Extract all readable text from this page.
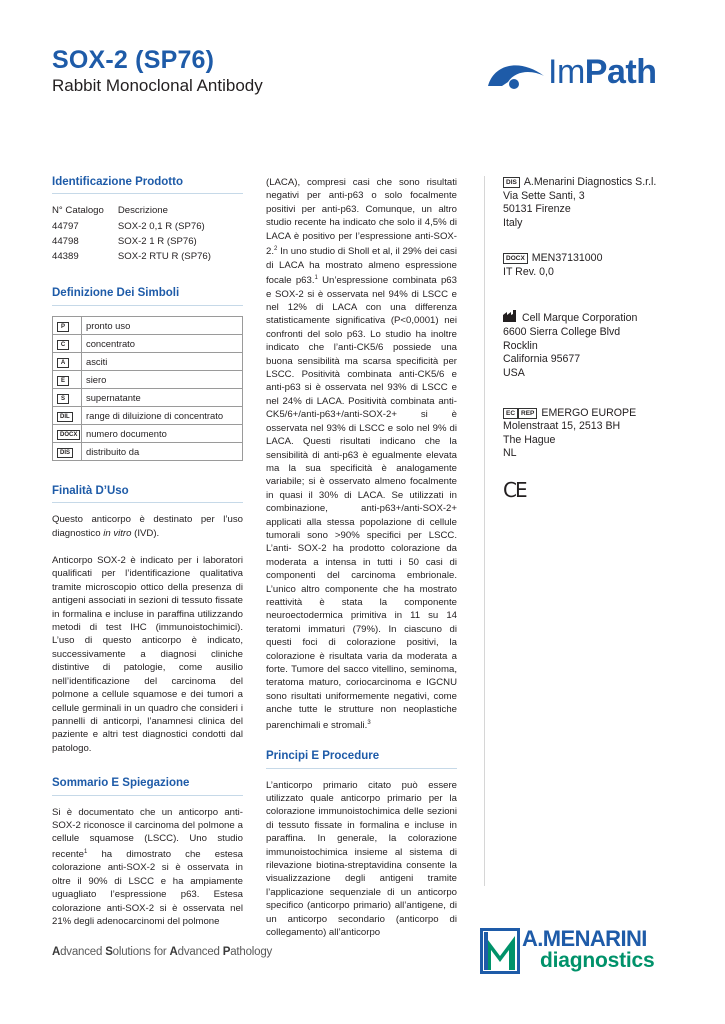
SOX-2 (SP76)
Rabbit Monoclonal Antibody	ImPath
Identificazione Prodotto
N° Catalogo	Descrizione
44797	SOX-2 0,1 R (SP76)
44798	SOX-2 1 R (SP76)
44389	SOX-2 RTU R (SP76)
Definizione Dei Simboli
P	pronto uso
C	concentrato
A	asciti
E	siero
S	supernatante
DIL	range di diluizione di concentrato
DOCX	numero documento
DIS	distribuito da
Finalità D’Uso

Questo anticorpo è destinato per l’uso diagnostico in vitro (IVD).

Anticorpo SOX-2 è indicato per i laboratori qualificati per l’identificazione qualitativa tramite microscopio ottico della presenza di antigeni associati in sezioni di tessuto fissate in formalina e incluse in paraffina utilizzando metodi di test IHC (immunoistochimici). L’uso di questo anticorpo è indicato, successivamente a diagnosi cliniche distintive di patologie, come ausilio nell’identificazione del carcinoma del polmone a cellule squamose e dei tumori a cellule germinali in un quadro che consideri i pannelli di anticorpi, l’anamnesi clinica del paziente e altri test diagnostici condotti dal patologo.

Sommario E Spiegazione

Si è documentato che un anticorpo anti-SOX-2 riconosce il carcinoma del polmone a cellule squamose (LSCC). Uno studio recente$^1$ ha dimostrato che estesa colorazione anti-SOX-2 si è osservata in oltre il 90% di LSCC e ha ampiamente uguagliato l’espressione p63. Estesa colorazione anti-SOX-2 si è osservata nel 21% degli adenocarcinomi del polmone

(LACA), compresi casi che sono risultati negativi per anti-p63 o solo focalmente positivi per anti-p63. Comunque, un altro studio recente ha indicato che solo il 4,5% di LACA è positivo per l’espressione anti-SOX-2.$^2$ In uno studio di Sholl et al, il 29% dei casi di LACA ha mostrato almeno espressione focale p63.$^1$ Un’espressione combinata p63 e SOX-2 si è osservata nel 94% di LSCC e nel 12% di LACA con una differenza statisticamente significativa (P<0,0001) nei confronti del solo p63. Lo studio ha inoltre indicato che l’anti-CK5/6 possiede una buona sensibilità ma scarsa specificità per LSCC. Positività combinata anti-CK5/6 e anti-p63 si è osservata nel 93% di LSCC e nel 24% di LACA. Positività combinata anti-CK5/6+/anti-p63+/anti-SOX-2+ si è osservata nel 93% di LSCC e solo nel 9% di LACA. Questi risultati indicano che la sensibilità di anti-p63 è egualmente elevata ma la sua specificità è analogamente variabile; si è osservato almeno focalmente in quasi il 30% di LACA. Se utilizzati in combinazione, anti-p63+/anti-SOX-2+ applicati alla stessa popolazione di cellule tumorali sono >90% specifici per LSCC. L’anti- SOX-2 ha prodotto colorazione da moderata a intensa in tutti i 50 casi di componenti del carcinoma embrionale. L’unico altro componente che ha mostrato reattività è stata la componente neuroectodermica primitiva in 11 su 14 teratomi immaturi (79%). In ciascuno di questi foci di colorazione positivi, la colorazione è risultata varia da moderata a forte. Tumore del sacco vitellino, seminoma, teratoma maturo, coriocarcinoma e IGCNU sono risultati uniformemente negativi, come anche tutte le strutture non neoplastiche parenchimali e stromali.$^3$

Principi E Procedure

L’anticorpo primario citato può essere utilizzato quale anticorpo primario per la colorazione immunoistochimica delle sezioni di tessuto fissate in formalina e incluse in paraffina. In generale, la colorazione immunoistochimica insieme al sistema di rilevazione biotina-streptavidina consente la visualizzazione degli antigeni tramite l’applicazione sequenziale di un anticorpo specifico (anticorpo primario) all’antigene, di un anticorpo secondario (anticorpo di collegamento) all’anticorpo

DIS A.Menarini Diagnostics S.r.l.
Via Sette Santi, 3
50131 Firenze
Italy
DOCX MEN37131000
IT Rev. 0,0
Cell Marque Corporation
6600 Sierra College Blvd
Rocklin
California 95677
USA
EC REP EMERGO EUROPE
Molenstraat 15, 2513 BH
The Hague
NL
CE
Advanced Solutions for Advanced Pathology
A.MENARINI
diagnostics
